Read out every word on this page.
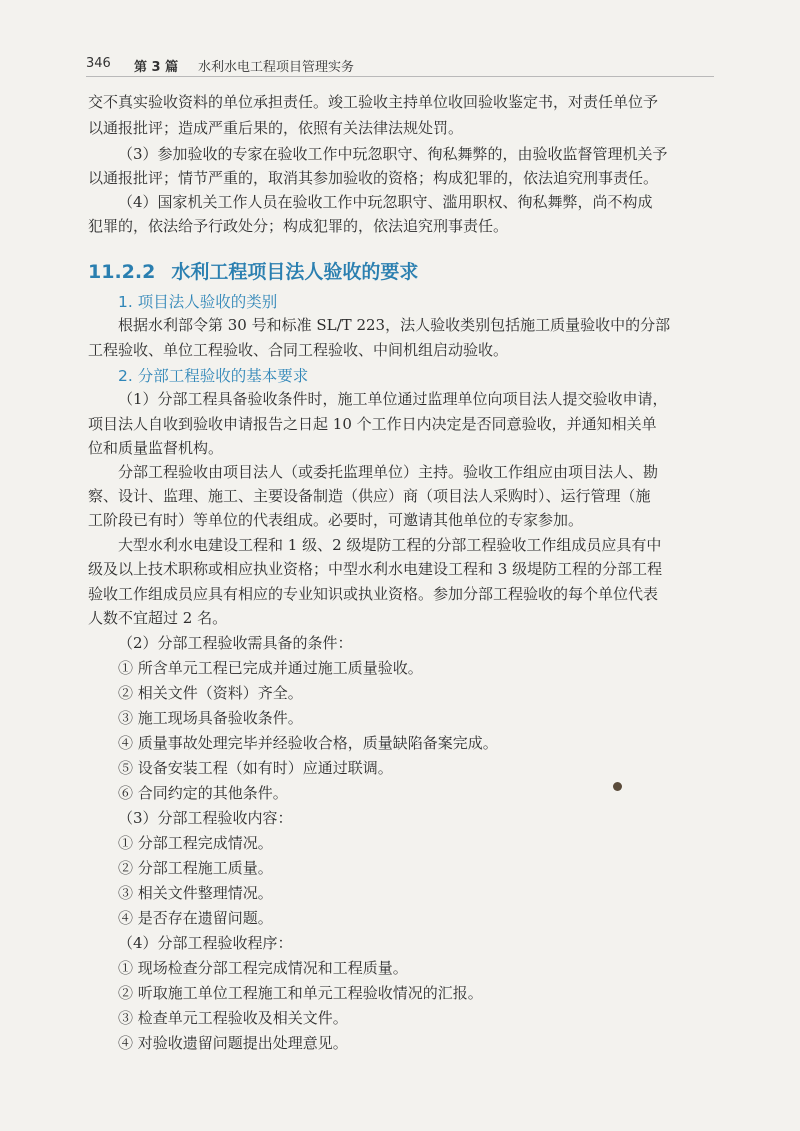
346 第 3 篇 水利水电工程项目管理实务
交不真实验收资料的单位承担责任。竣工验收主持单位收回验收鉴定书，对责任单位予
以通报批评；造成严重后果的，依照有关法律法规处罚。
（3）参加验收的专家在验收工作中玩忽职守、徇私舞弊的，由验收监督管理机关予
以通报批评；情节严重的，取消其参加验收的资格；构成犯罪的，依法追究刑事责任。
（4）国家机关工作人员在验收工作中玩忽职守、滥用职权、徇私舞弊，尚不构成
犯罪的，依法给予行政处分；构成犯罪的，依法追究刑事责任。
11.2.2 水利工程项目法人验收的要求
1. 项目法人验收的类别
根据水利部令第 30 号和标准 SL/T 223，法人验收类别包括施工质量验收中的分部
工程验收、单位工程验收、合同工程验收、中间机组启动验收。
2. 分部工程验收的基本要求
（1）分部工程具备验收条件时，施工单位通过监理单位向项目法人提交验收申请，
项目法人自收到验收申请报告之日起 10 个工作日内决定是否同意验收，并通知相关单
位和质量监督机构。
分部工程验收由项目法人（或委托监理单位）主持。验收工作组应由项目法人、勘
察、设计、监理、施工、主要设备制造（供应）商（项目法人采购时）、运行管理（施
工阶段已有时）等单位的代表组成。必要时，可邀请其他单位的专家参加。
大型水利水电建设工程和 1 级、2 级堤防工程的分部工程验收工作组成员应具有中
级及以上技术职称或相应执业资格；中型水利水电建设工程和 3 级堤防工程的分部工程
验收工作组成员应具有相应的专业知识或执业资格。参加分部工程验收的每个单位代表
人数不宜超过 2 名。
（2）分部工程验收需具备的条件：
① 所含单元工程已完成并通过施工质量验收。
② 相关文件（资料）齐全。
③ 施工现场具备验收条件。
④ 质量事故处理完毕并经验收合格，质量缺陷备案完成。
⑤ 设备安装工程（如有时）应通过联调。
⑥ 合同约定的其他条件。
（3）分部工程验收内容：
① 分部工程完成情况。
② 分部工程施工质量。
③ 相关文件整理情况。
④ 是否存在遗留问题。
（4）分部工程验收程序：
① 现场检查分部工程完成情况和工程质量。
② 听取施工单位工程施工和单元工程验收情况的汇报。
③ 检查单元工程验收及相关文件。
④ 对验收遗留问题提出处理意见。
